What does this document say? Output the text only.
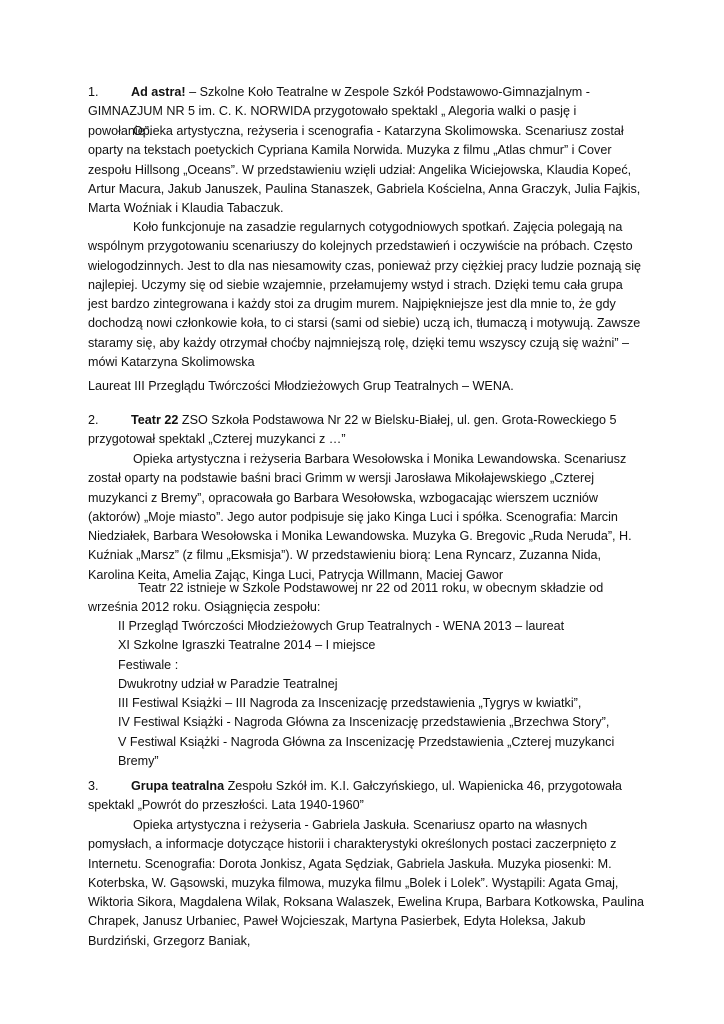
1.	Ad astra! – Szkolne Koło Teatralne w Zespole Szkół Podstawowo-Gimnazjalnym - GIMNAZJUM NR 5 im. C. K. NORWIDA przygotowało spektakl „ Alegoria walki o pasję i powołanie”.

Opieka artystyczna, reżyseria i scenografia - Katarzyna Skolimowska. Scenariusz został oparty na tekstach poetyckich Cypriana Kamila Norwida. Muzyka z filmu „Atlas chmur” i Cover zespołu Hillsong „Oceans”. W przedstawieniu wzięli udział: Angelika Wiciejowska, Klaudia Kopeć, Artur Macura, Jakub Januszek, Paulina Stanaszek, Gabriela Kościelna, Anna Graczyk, Julia Fajkis, Marta Woźniak i Klaudia Tabaczuk.

Koło funkcjonuje na zasadzie regularnych cotygodniowych spotkań. Zajęcia polegają na wspólnym przygotowaniu scenariuszy do kolejnych przedstawień i oczywiście na próbach. Często wielogodzinnych. Jest to dla nas niesamowity czas, ponieważ przy ciężkiej pracy ludzie poznają się najlepiej. Uczymy się od siebie wzajemnie, przełamujemy wstyd i strach. Dzięki temu cała grupa jest bardzo zintegrowana i każdy stoi za drugim murem. Najpiękniejsze jest dla mnie to, że gdy dochodzą nowi członkowie koła, to ci starsi (sami od siebie) uczą ich, tłumaczą i motywują. Zawsze staramy się, aby każdy otrzymał choćby najmniejszą rolę, dzięki temu wszyscy czują się ważni” – mówi Katarzyna Skolimowska

Laureat III Przeglądu Twórczości Młodzieżowych Grup Teatralnych – WENA.

2.	Teatr 22 ZSO Szkoła Podstawowa Nr 22 w Bielsku-Białej, ul. gen. Grota-Roweckiego 5 przygotował spektakl „Czterej muzykanci z …”

Opieka artystyczna i reżyseria Barbara Wesołowska i Monika Lewandowska. Scenariusz został oparty na podstawie baśni braci Grimm w wersji Jarosława Mikołajewskiego „Czterej muzykanci z Bremy”, opracowała go Barbara Wesołowska, wzbogacając wierszem uczniów (aktorów) „Moje miasto”. Jego autor podpisuje się jako Kinga Luci i spółka. Scenografia: Marcin Niedziałek, Barbara Wesołowska i Monika Lewandowska. Muzyka G. Bregovic „Ruda Neruda”, H. Kuźniak „Marsz” (z filmu „Eksmisja”). W przedstawieniu biorą: Lena Ryncarz, Zuzanna Nida, Karolina Keita, Amelia Zając, Kinga Luci, Patrycja Willmann, Maciej Gawor

Teatr 22 istnieje w Szkole Podstawowej nr 22 od 2011 roku, w obecnym składzie od września 2012 roku. Osiągnięcia zespołu:

II Przegląd Twórczości Młodzieżowych Grup Teatralnych - WENA 2013 – laureat
XI Szkolne Igraszki Teatralne 2014 – I miejsce
Festiwale :
Dwukrotny udział w Paradzie Teatralnej
III Festiwal Książki – III Nagroda za Inscenizację przedstawienia „Tygrys w kwiatki”,
IV Festiwal Książki - Nagroda Główna za Inscenizację przedstawienia „Brzechwa Story”,
V Festiwal Książki - Nagroda Główna za Inscenizację Przedstawienia „Czterej muzykanci Bremy”

3.	Grupa teatralna Zespołu Szkół im. K.I. Gałczyńskiego, ul. Wapienicka 46, przygotowała spektakl „Powrót do przeszłości. Lata 1940-1960”

Opieka artystyczna i reżyseria - Gabriela Jaskuła. Scenariusz oparto na własnych pomysłach, a informacje dotyczące historii i charakterystyki określonych postaci zaczerpnięto z Internetu. Scenografia: Dorota Jonkisz, Agata Sędziak, Gabriela Jaskuła. Muzyka piosenki: M. Koterbska, W. Gąsowski, muzyka filmowa, muzyka filmu „Bolek i Lolek”. Wystąpili: Agata Gmaj, Wiktoria Sikora, Magdalena Wilak, Roksana Walaszek, Ewelina Krupa, Barbara Kotkowska, Paulina Chrapek, Janusz Urbaniec, Paweł Wojcieszak, Martyna Pasierbek, Edyta Holeksa, Jakub Burdziński, Grzegorz Baniak,
